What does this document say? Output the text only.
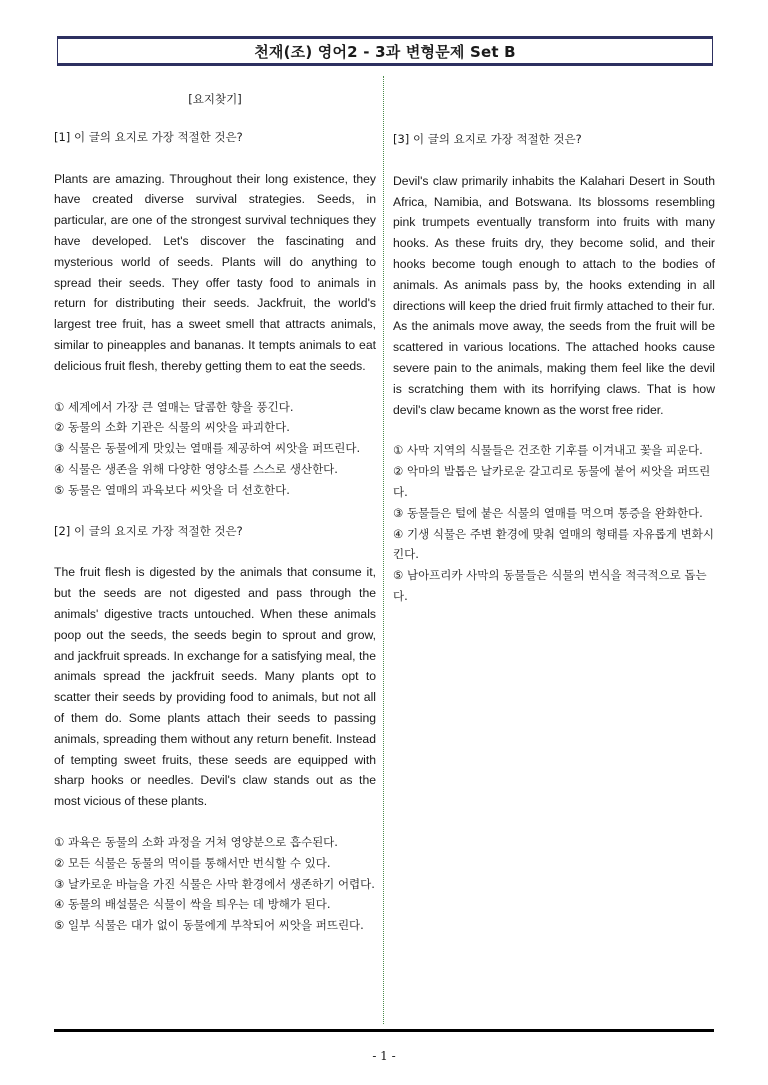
천재(조) 영어2 - 3과 변형문제 Set B

[요지찾기]

[1] 이 글의 요지로 가장 적절한 것은?

Plants are amazing. Throughout their long existence, they have created diverse survival strategies. Seeds, in particular, are one of the strongest survival techniques they have developed. Let's discover the fascinating and mysterious world of seeds. Plants will do anything to spread their seeds. They offer tasty food to animals in return for distributing their seeds. Jackfruit, the world's largest tree fruit, has a sweet smell that attracts animals, similar to pineapples and bananas. It tempts animals to eat delicious fruit flesh, thereby getting them to eat the seeds.

① 세계에서 가장 큰 열매는 달콤한 향을 풍긴다.
② 동물의 소화 기관은 식물의 씨앗을 파괴한다.
③ 식물은 동물에게 맛있는 열매를 제공하여 씨앗을 퍼뜨린다.
④ 식물은 생존을 위해 다양한 영양소를 스스로 생산한다.
⑤ 동물은 열매의 과육보다 씨앗을 더 선호한다.

[2] 이 글의 요지로 가장 적절한 것은?

The fruit flesh is digested by the animals that consume it, but the seeds are not digested and pass through the animals' digestive tracts untouched. When these animals poop out the seeds, the seeds begin to sprout and grow, and jackfruit spreads. In exchange for a satisfying meal, the animals spread the jackfruit seeds. Many plants opt to scatter their seeds by providing food to animals, but not all of them do. Some plants attach their seeds to passing animals, spreading them without any return benefit. Instead of tempting sweet fruits, these seeds are equipped with sharp hooks or needles. Devil's claw stands out as the most vicious of these plants.

① 과육은 동물의 소화 과정을 거쳐 영양분으로 흡수된다.
② 모든 식물은 동물의 먹이를 통해서만 번식할 수 있다.
③ 날카로운 바늘을 가진 식물은 사막 환경에서 생존하기 어렵다.
④ 동물의 배설물은 식물이 싹을 틔우는 데 방해가 된다.
⑤ 일부 식물은 대가 없이 동물에게 부착되어 씨앗을 퍼뜨린다.

[3] 이 글의 요지로 가장 적절한 것은?

Devil's claw primarily inhabits the Kalahari Desert in South Africa, Namibia, and Botswana. Its blossoms resembling pink trumpets eventually transform into fruits with many hooks. As these fruits dry, they become solid, and their hooks become tough enough to attach to the bodies of animals. As animals pass by, the hooks extending in all directions will keep the dried fruit firmly attached to their fur. As the animals move away, the seeds from the fruit will be scattered in various locations. The attached hooks cause severe pain to the animals, making them feel like the devil is scratching them with its horrifying claws. That is how devil's claw became known as the worst free rider.

① 사막 지역의 식물들은 건조한 기후를 이겨내고 꽃을 피운다.
② 악마의 발톱은 날카로운 갈고리로 동물에 붙어 씨앗을 퍼뜨린다.
③ 동물들은 털에 붙은 식물의 열매를 먹으며 통증을 완화한다.
④ 기생 식물은 주변 환경에 맞춰 열매의 형태를 자유롭게 변화시킨다.
⑤ 남아프리카 사막의 동물들은 식물의 번식을 적극적으로 돕는다.
- 1 -
